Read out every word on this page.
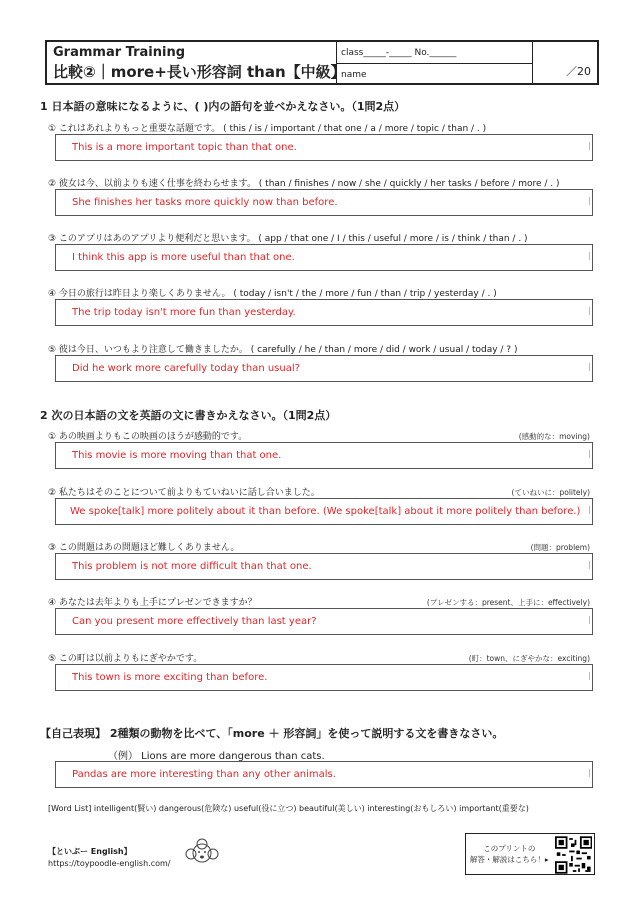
Grammar Training
比較②｜more+長い形容詞 than【中級】
class_____-_____ No.______
name	／20
1 日本語の意味になるように、( )内の語句を並べかえなさい。（1問2点）
① これはあれよりもっと重要な話題です。 ( this / is / important / that one / a / more / topic / than / . )
This is a more important topic than that one.
② 彼女は今、以前よりも速く仕事を終わらせます。 ( than / finishes / now / she / quickly / her tasks / before / more / . )
She finishes her tasks more quickly now than before.
③ このアプリはあのアプリより便利だと思います。 ( app / that one / I / this / useful / more / is / think / than / . )
I think this app is more useful than that one.
④ 今日の旅行は昨日より楽しくありません。 ( today / isn't / the / more / fun / than / trip / yesterday / . )
The trip today isn't more fun than yesterday.
⑤ 彼は今日、いつもより注意して働きましたか。 ( carefully / he / than / more / did / work / usual / today / ? )
Did he work more carefully today than usual?
2 次の日本語の文を英語の文に書きかえなさい。（1問2点）
① あの映画よりもこの映画のほうが感動的です。	(感動的な：moving)
This movie is more moving than that one.
② 私たちはそのことについて前よりもていねいに話し合いました。	(ていねいに：politely)
We spoke[talk] more politely about it than before. (We spoke[talk] about it more politely than before.)
③ この問題はあの問題ほど難しくありません。	(問題：problem)
This problem is not more difficult than that one.
④ あなたは去年よりも上手にプレゼンできますか？	(プレゼンする：present、上手に：effectively)
Can you present more effectively than last year?
⑤ この町は以前よりもにぎやかです。	(町：town、にぎやかな：exciting)
This town is more exciting than before.
【自己表現】 2種類の動物を比べて、「more ＋ 形容詞」を使って説明する文を書きなさい。
（例） Lions are more dangerous than cats.
Pandas are more interesting than any other animals.
[Word List] intelligent(賢い) dangerous(危険な) useful(役に立つ) beautiful(美しい) interesting(おもしろい) important(重要な)
【といぷー English】
https://toypoodle-english.com/
このプリントの
解答・解説はこちら！▸
